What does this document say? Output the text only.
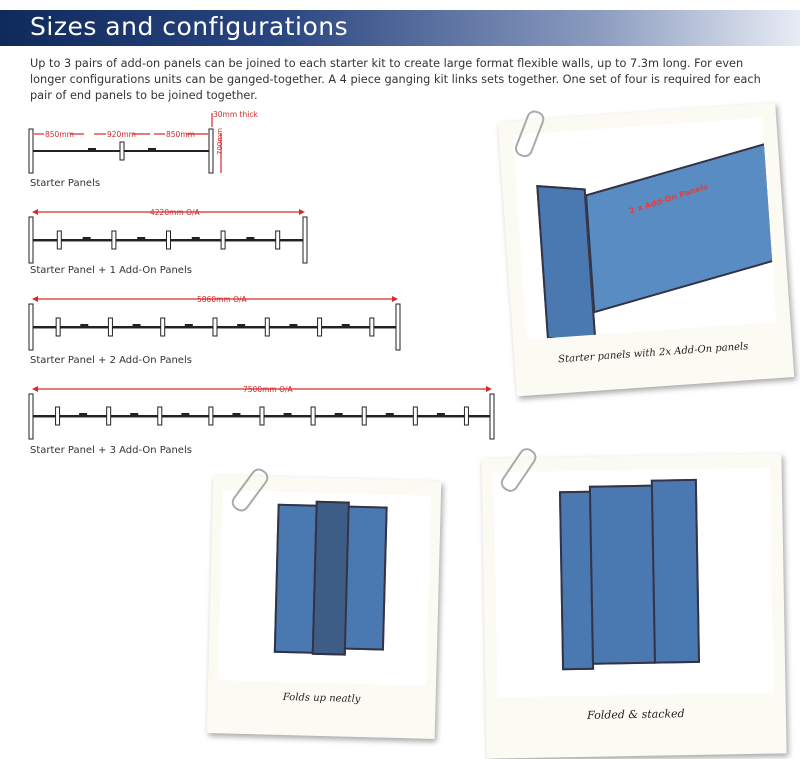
Sizes and configurations

Up to 3 pairs of add-on panels can be joined to each starter kit to create large format flexible walls, up to 7.3m long. For even longer configurations units can be ganged-together. A 4 piece ganging kit links sets together. One set of four is required for each pair of end panels to be joined together.

30mm thick
700mm
850mm	920mm	850mm
Starter Panels
4220mm O/A
Starter Panel + 1 Add-On Panels
5860mm O/A
Starter Panel + 2 Add-On Panels
7500mm O/A
Starter Panel + 3 Add-On Panels
2 x Add-On Panels
Starter panels with 2x Add-On panels
Folds up neatly
Folded & stacked
